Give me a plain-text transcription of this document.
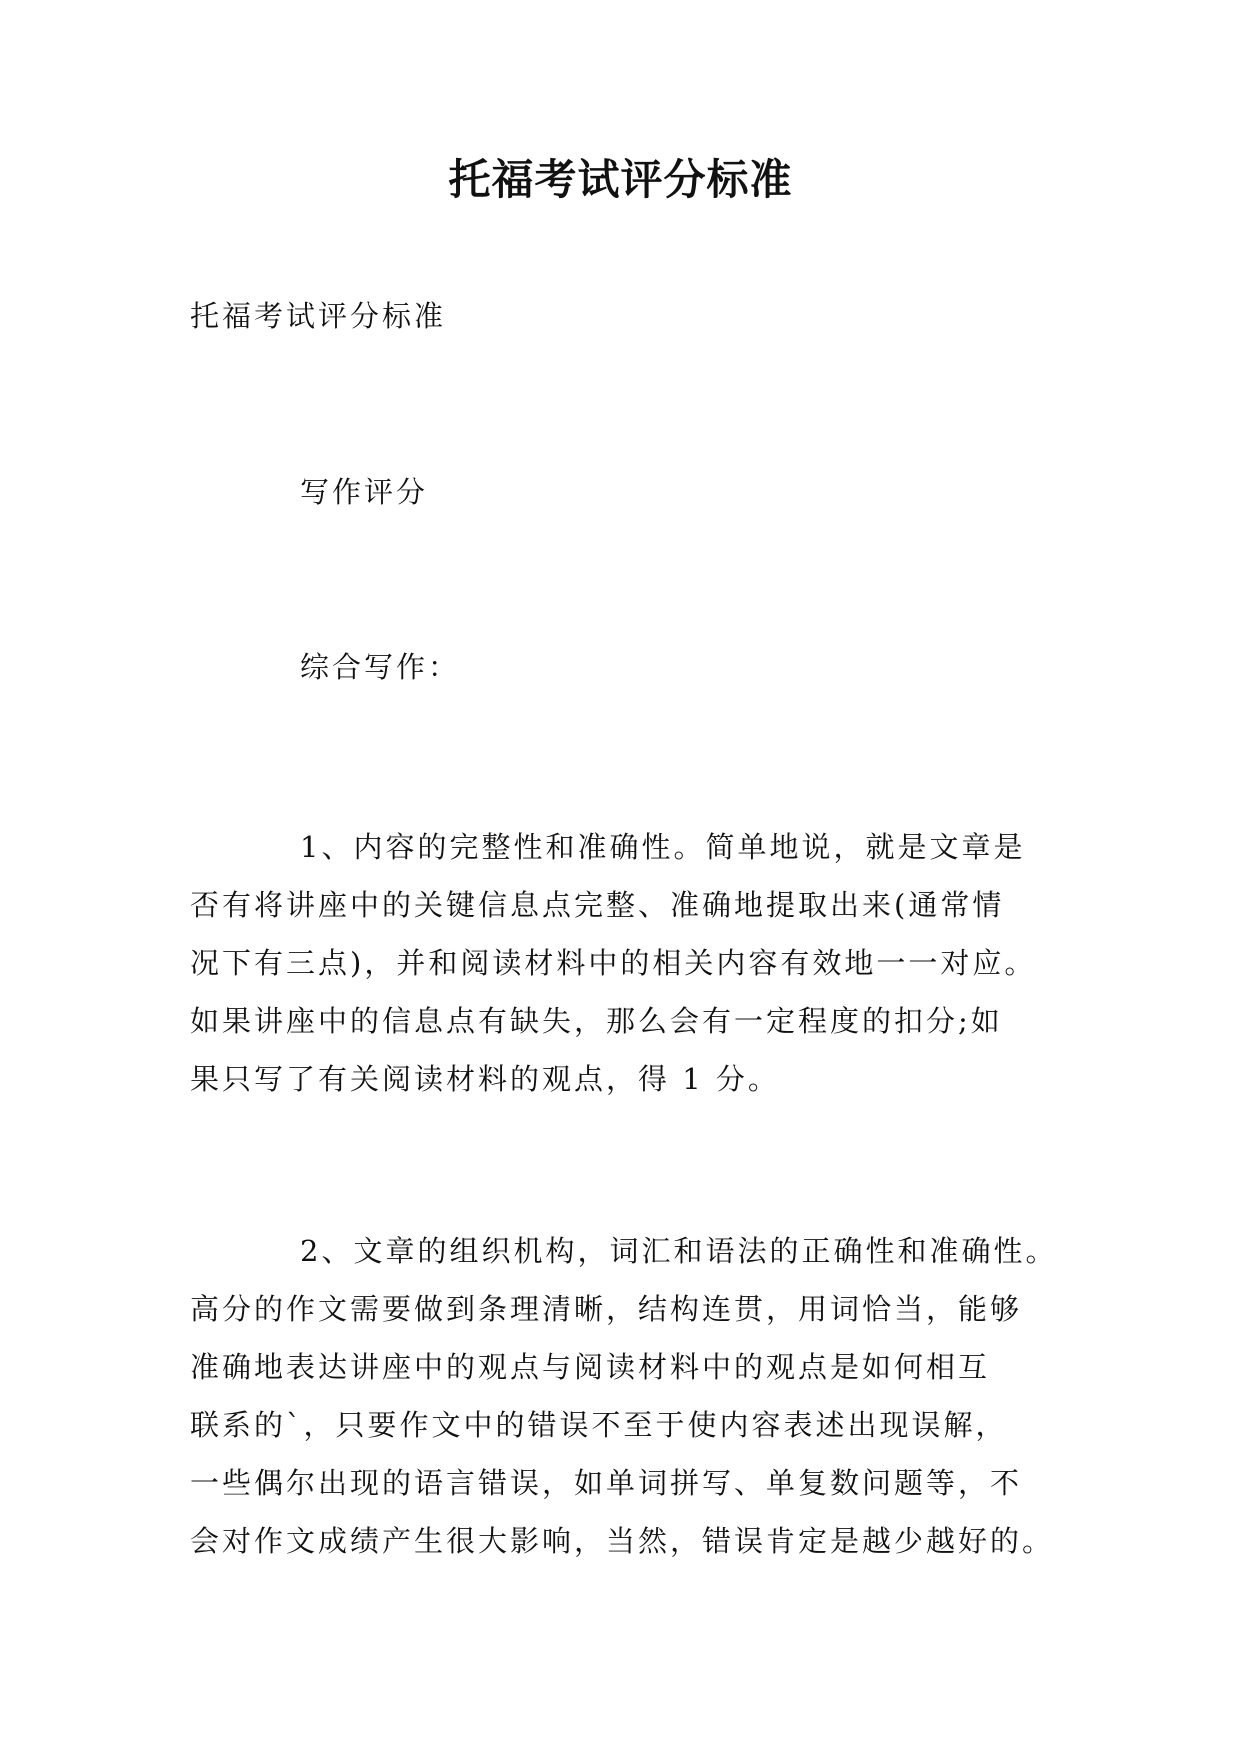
托福考试评分标准
托福考试评分标准
写作评分
综合写作：
1、内容的完整性和准确性。简单地说，就是文章是
否有将讲座中的关键信息点完整、准确地提取出来(通常情
况下有三点)，并和阅读材料中的相关内容有效地一一对应。
如果讲座中的信息点有缺失，那么会有一定程度的扣分;如
果只写了有关阅读材料的观点，得 1 分。
2、文章的组织机构，词汇和语法的正确性和准确性。
高分的作文需要做到条理清晰，结构连贯，用词恰当，能够
准确地表达讲座中的观点与阅读材料中的观点是如何相互
联系的`，只要作文中的错误不至于使内容表述出现误解，
一些偶尔出现的语言错误，如单词拼写、单复数问题等，不
会对作文成绩产生很大影响，当然，错误肯定是越少越好的。
